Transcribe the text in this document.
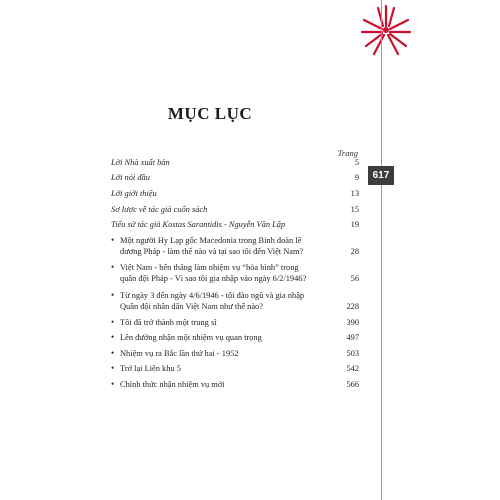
617
MỤC LỤC
Trang
Lời Nhà xuất bản	5
Lời nói đầu	9
Lời giới thiệu	13
Sơ lược về tác giả cuốn sách	15
Tiểu sử tác giả Kostas Sarantidis - Nguyễn Văn Lập	19
• Một người Hy Lạp gốc Macedonia trong Binh đoàn lê dương Pháp - làm thế nào và tại sao tôi đến Việt Nam?	28
• Việt Nam - bến thăng làm nhiệm vụ “hòa bình” trong quân đội Pháp - Vì sao tôi gia nhập vào ngày 6/2/1946?	56
• Từ ngày 3 đến ngày 4/6/1946 - tôi đào ngũ và gia nhập Quân đội nhân dân Việt Nam như thế nào?	228
• Tôi đã trở thành một trung sĩ	390
• Lên đường nhận một nhiệm vụ quan trọng	497
• Nhiệm vụ ra Bắc lần thứ hai - 1952	503
• Trở lại Liên khu 5	542
• Chính thức nhận nhiệm vụ mới	566
